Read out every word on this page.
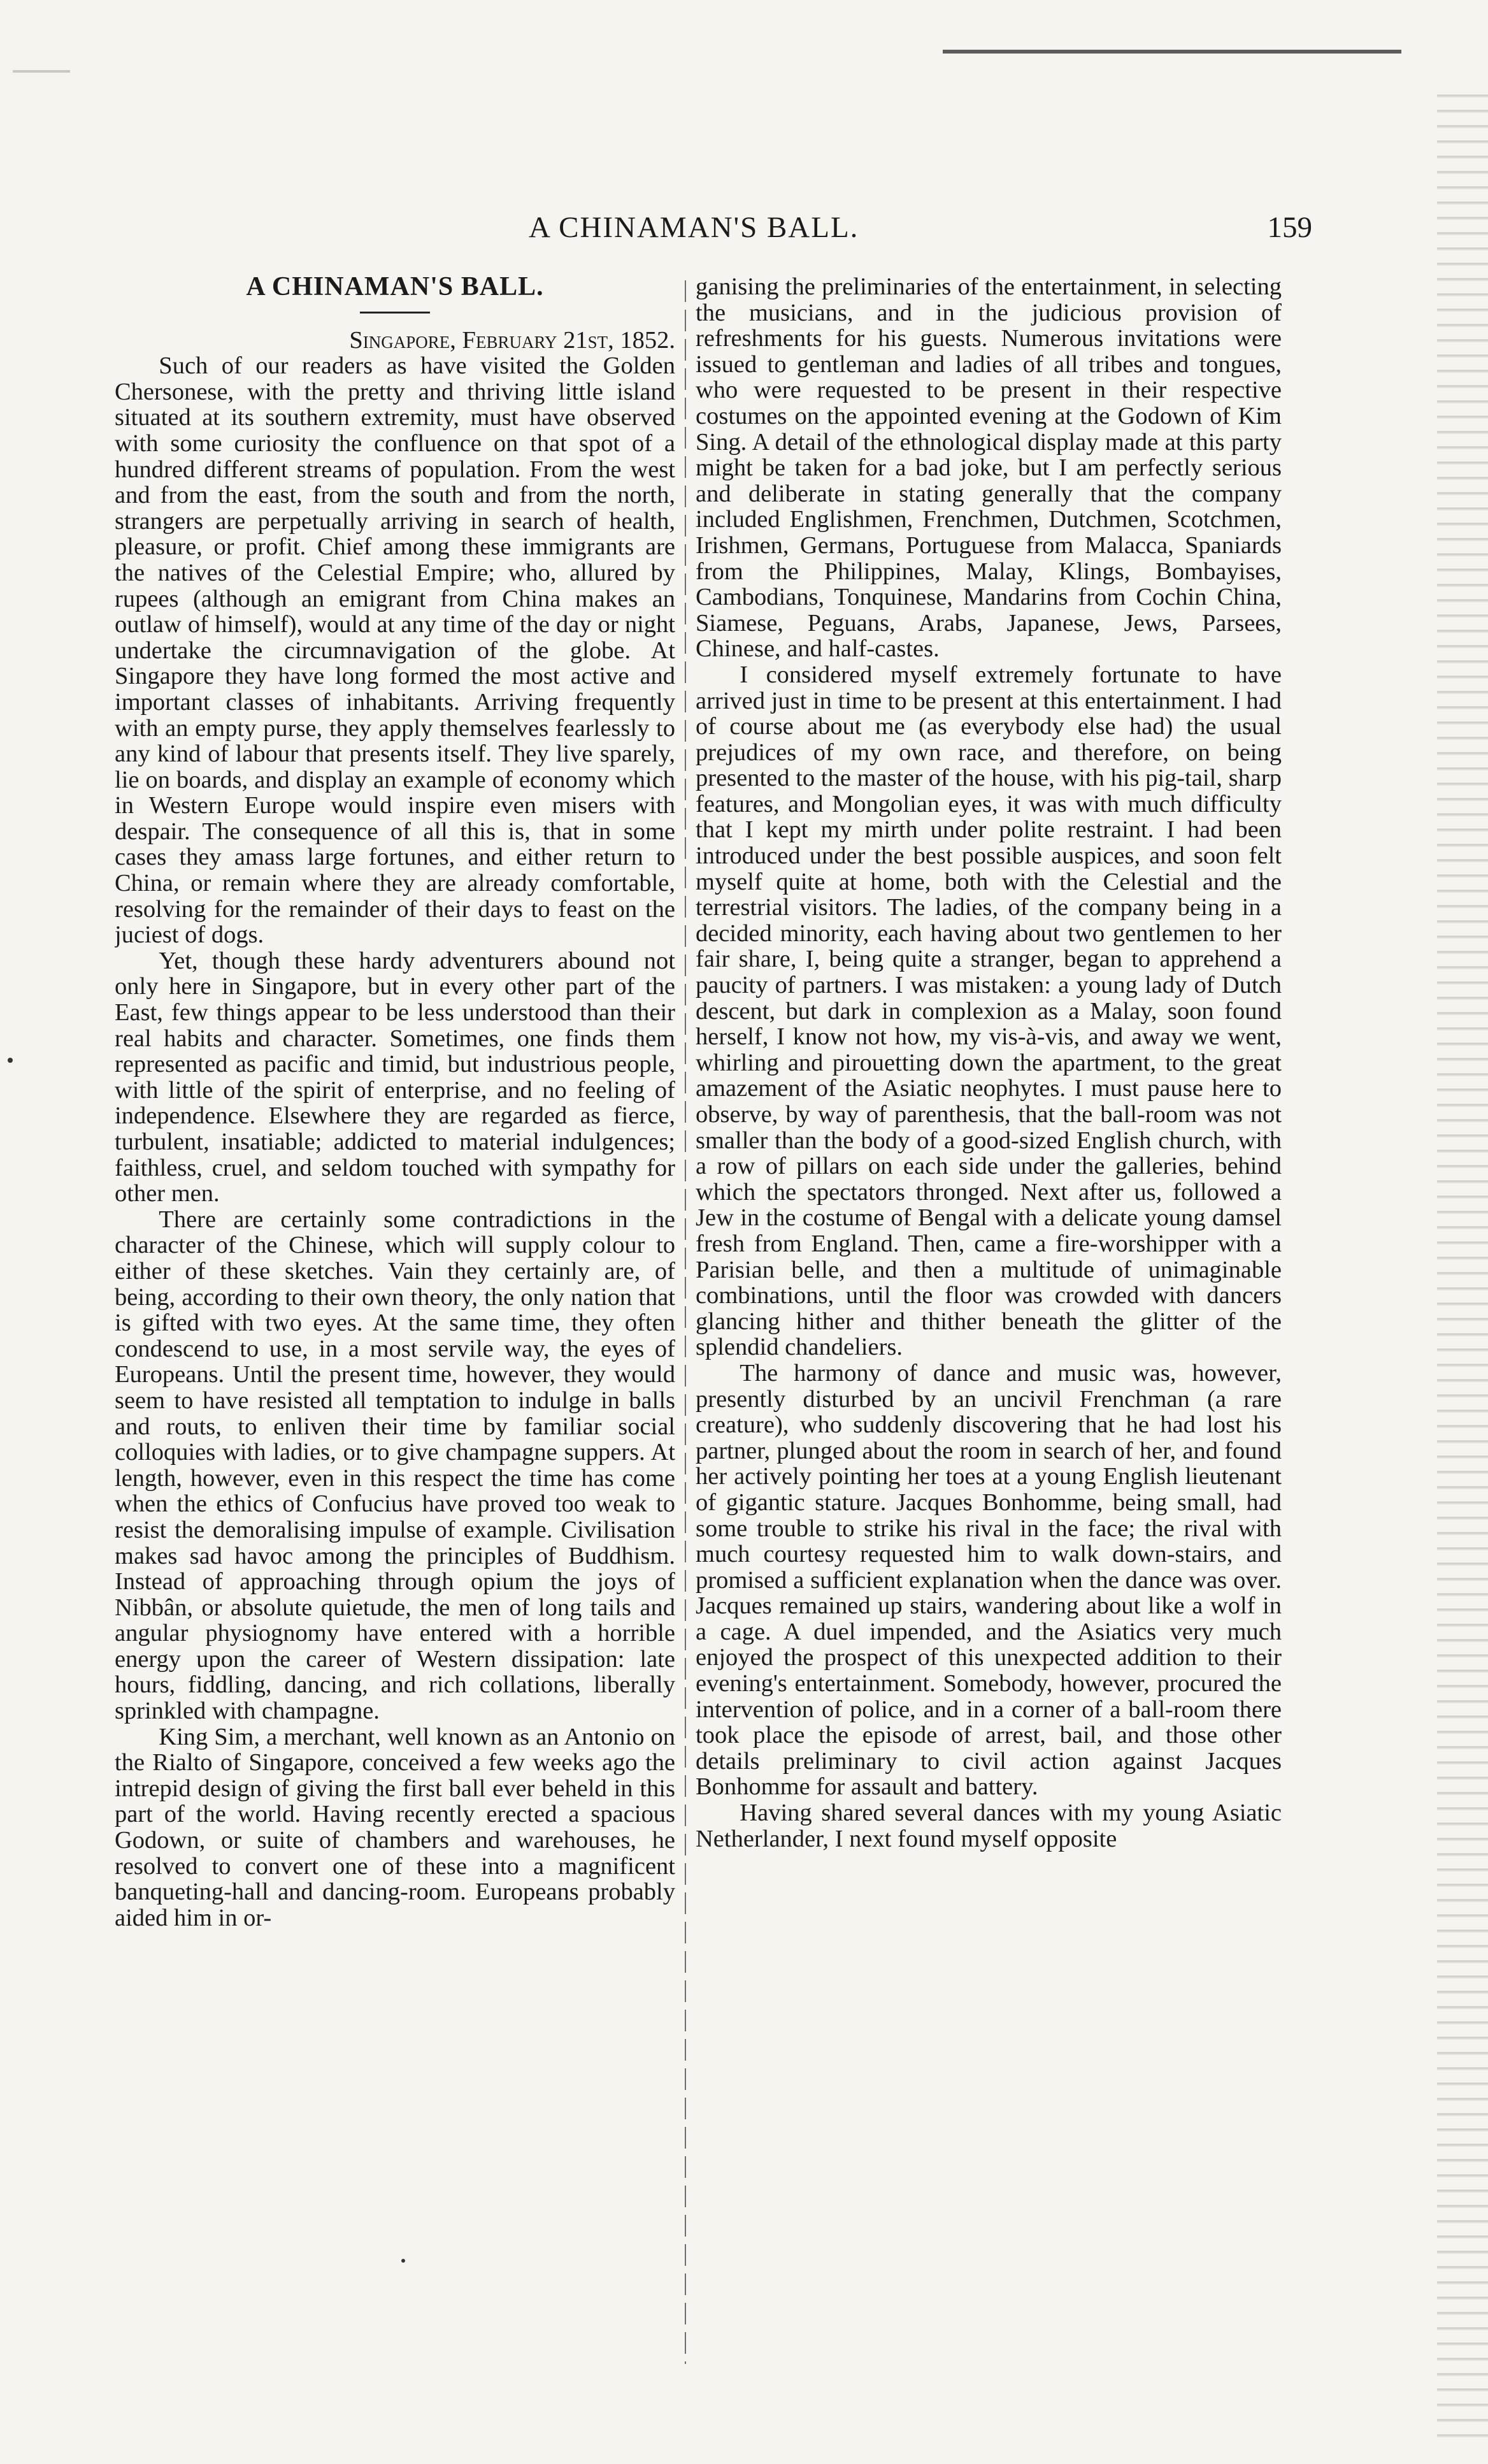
A CHINAMAN'S BALL.	159
A CHINAMAN'S BALL.

Singapore, February 21st, 1852.

Such of our readers as have visited the Golden Chersonese, with the pretty and thriving little island situated at its southern extremity, must have observed with some curiosity the confluence on that spot of a hundred different streams of population. From the west and from the east, from the south and from the north, strangers are perpetually arriving in search of health, pleasure, or profit. Chief among these immigrants are the natives of the Celestial Empire; who, allured by rupees (although an emigrant from China makes an outlaw of himself), would at any time of the day or night undertake the circumnavigation of the globe. At Singapore they have long formed the most active and important classes of inhabitants. Arriving frequently with an empty purse, they apply themselves fearlessly to any kind of labour that presents itself. They live sparely, lie on boards, and display an example of economy which in Western Europe would inspire even misers with despair. The consequence of all this is, that in some cases they amass large fortunes, and either return to China, or remain where they are already comfortable, resolving for the remainder of their days to feast on the juciest of dogs.

Yet, though these hardy adventurers abound not only here in Singapore, but in every other part of the East, few things appear to be less understood than their real habits and character. Sometimes, one finds them represented as pacific and timid, but industrious people, with little of the spirit of enterprise, and no feeling of independence. Elsewhere they are regarded as fierce, turbulent, insatiable; addicted to material indulgences; faithless, cruel, and seldom touched with sympathy for other men.

There are certainly some contradictions in the character of the Chinese, which will supply colour to either of these sketches. Vain they certainly are, of being, according to their own theory, the only nation that is gifted with two eyes. At the same time, they often condescend to use, in a most servile way, the eyes of Europeans. Until the present time, however, they would seem to have resisted all temptation to indulge in balls and routs, to enliven their time by familiar social colloquies with ladies, or to give champagne suppers. At length, however, even in this respect the time has come when the ethics of Confucius have proved too weak to resist the demoralising impulse of example. Civilisation makes sad havoc among the principles of Buddhism. Instead of approaching through opium the joys of Nibbân, or absolute quietude, the men of long tails and angular physiognomy have entered with a horrible energy upon the career of Western dissipation: late hours, fiddling, dancing, and rich collations, liberally sprinkled with champagne.

King Sim, a merchant, well known as an Antonio on the Rialto of Singapore, conceived a few weeks ago the intrepid design of giving the first ball ever beheld in this part of the world. Having recently erected a spacious Godown, or suite of chambers and warehouses, he resolved to convert one of these into a magnificent banqueting-hall and dancing-room. Europeans probably aided him in or-

ganising the preliminaries of the entertainment, in selecting the musicians, and in the judicious provision of refreshments for his guests. Numerous invitations were issued to gentleman and ladies of all tribes and tongues, who were requested to be present in their respective costumes on the appointed evening at the Godown of Kim Sing. A detail of the ethnological display made at this party might be taken for a bad joke, but I am perfectly serious and deliberate in stating generally that the company included Englishmen, Frenchmen, Dutchmen, Scotchmen, Irishmen, Germans, Portuguese from Malacca, Spaniards from the Philippines, Malay, Klings, Bombayises, Cambodians, Tonquinese, Mandarins from Cochin China, Siamese, Peguans, Arabs, Japanese, Jews, Parsees, Chinese, and half-castes.

I considered myself extremely fortunate to have arrived just in time to be present at this entertainment. I had of course about me (as everybody else had) the usual prejudices of my own race, and therefore, on being presented to the master of the house, with his pig-tail, sharp features, and Mongolian eyes, it was with much difficulty that I kept my mirth under polite restraint. I had been introduced under the best possible auspices, and soon felt myself quite at home, both with the Celestial and the terrestrial visitors. The ladies, of the company being in a decided minority, each having about two gentlemen to her fair share, I, being quite a stranger, began to apprehend a paucity of partners. I was mistaken: a young lady of Dutch descent, but dark in complexion as a Malay, soon found herself, I know not how, my vis-à-vis, and away we went, whirling and pirouetting down the apartment, to the great amazement of the Asiatic neophytes. I must pause here to observe, by way of parenthesis, that the ball-room was not smaller than the body of a good-sized English church, with a row of pillars on each side under the galleries, behind which the spectators thronged. Next after us, followed a Jew in the costume of Bengal with a delicate young damsel fresh from England. Then, came a fire-worshipper with a Parisian belle, and then a multitude of unimaginable combinations, until the floor was crowded with dancers glancing hither and thither beneath the glitter of the splendid chandeliers.

The harmony of dance and music was, however, presently disturbed by an uncivil Frenchman (a rare creature), who suddenly discovering that he had lost his partner, plunged about the room in search of her, and found her actively pointing her toes at a young English lieutenant of gigantic stature. Jacques Bonhomme, being small, had some trouble to strike his rival in the face; the rival with much courtesy requested him to walk down-stairs, and promised a sufficient explanation when the dance was over. Jacques remained up stairs, wandering about like a wolf in a cage. A duel impended, and the Asiatics very much enjoyed the prospect of this unexpected addition to their evening's entertainment. Somebody, however, procured the intervention of police, and in a corner of a ball-room there took place the episode of arrest, bail, and those other details preliminary to civil action against Jacques Bonhomme for assault and battery.

Having shared several dances with my young Asiatic Netherlander, I next found myself opposite
